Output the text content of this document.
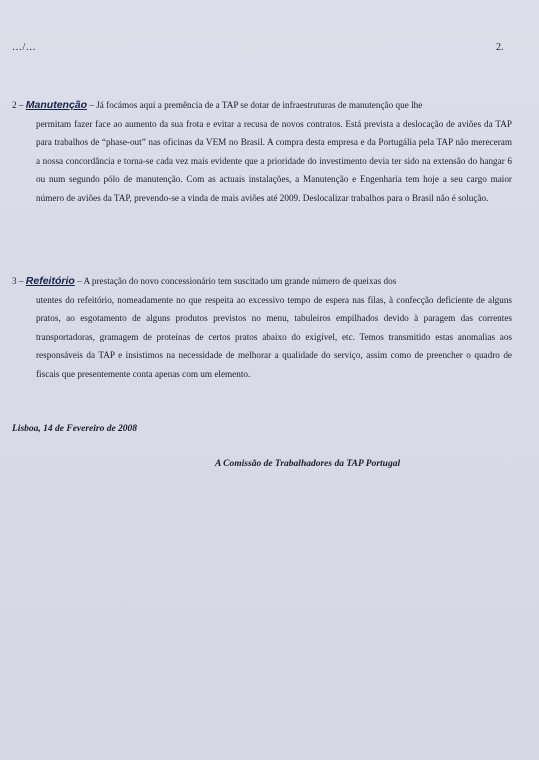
…/…	2.

2 – Manutenção – Já focámos aqui a premência de a TAP se dotar de infraestruturas de manutenção que lhe

permitam fazer face ao aumento da sua frota e evitar a recusa de novos contratos. Está prevista a deslocação de aviões da TAP para trabalhos de “phase-out” nas oficinas da VEM no Brasil. A compra desta empresa e da Portugália pela TAP não mereceram a nossa concordância e torna-se cada vez mais evidente que a prioridade do investimento devia ter sido na extensão do hangar 6 ou num segundo pólo de manutenção. Com as actuais instalações, a Manutenção e Engenharia tem hoje a seu cargo maior número de aviões da TAP, prevendo-se a vinda de mais aviões até 2009. Deslocalizar trabalhos para o Brasil não é solução.

3 – Refeitório – A prestação do novo concessionário tem suscitado um grande número de queixas dos

utentes do refeitório, nomeadamente no que respeita ao excessivo tempo de espera nas filas, à confecção deficiente de alguns pratos, ao esgotamento de alguns produtos previstos no menu, tabuleiros empilhados devido à paragem das correntes transportadoras, gramagem de proteínas de certos pratos abaixo do exigível, etc. Temos transmitido estas anomalias aos responsáveis da TAP e insistimos na necessidade de melhorar a qualidade do serviço, assim como de preencher o quadro de fiscais que presentemente conta apenas com um elemento.

Lisboa, 14 de Fevereiro de 2008
A Comissão de Trabalhadores da TAP Portugal
